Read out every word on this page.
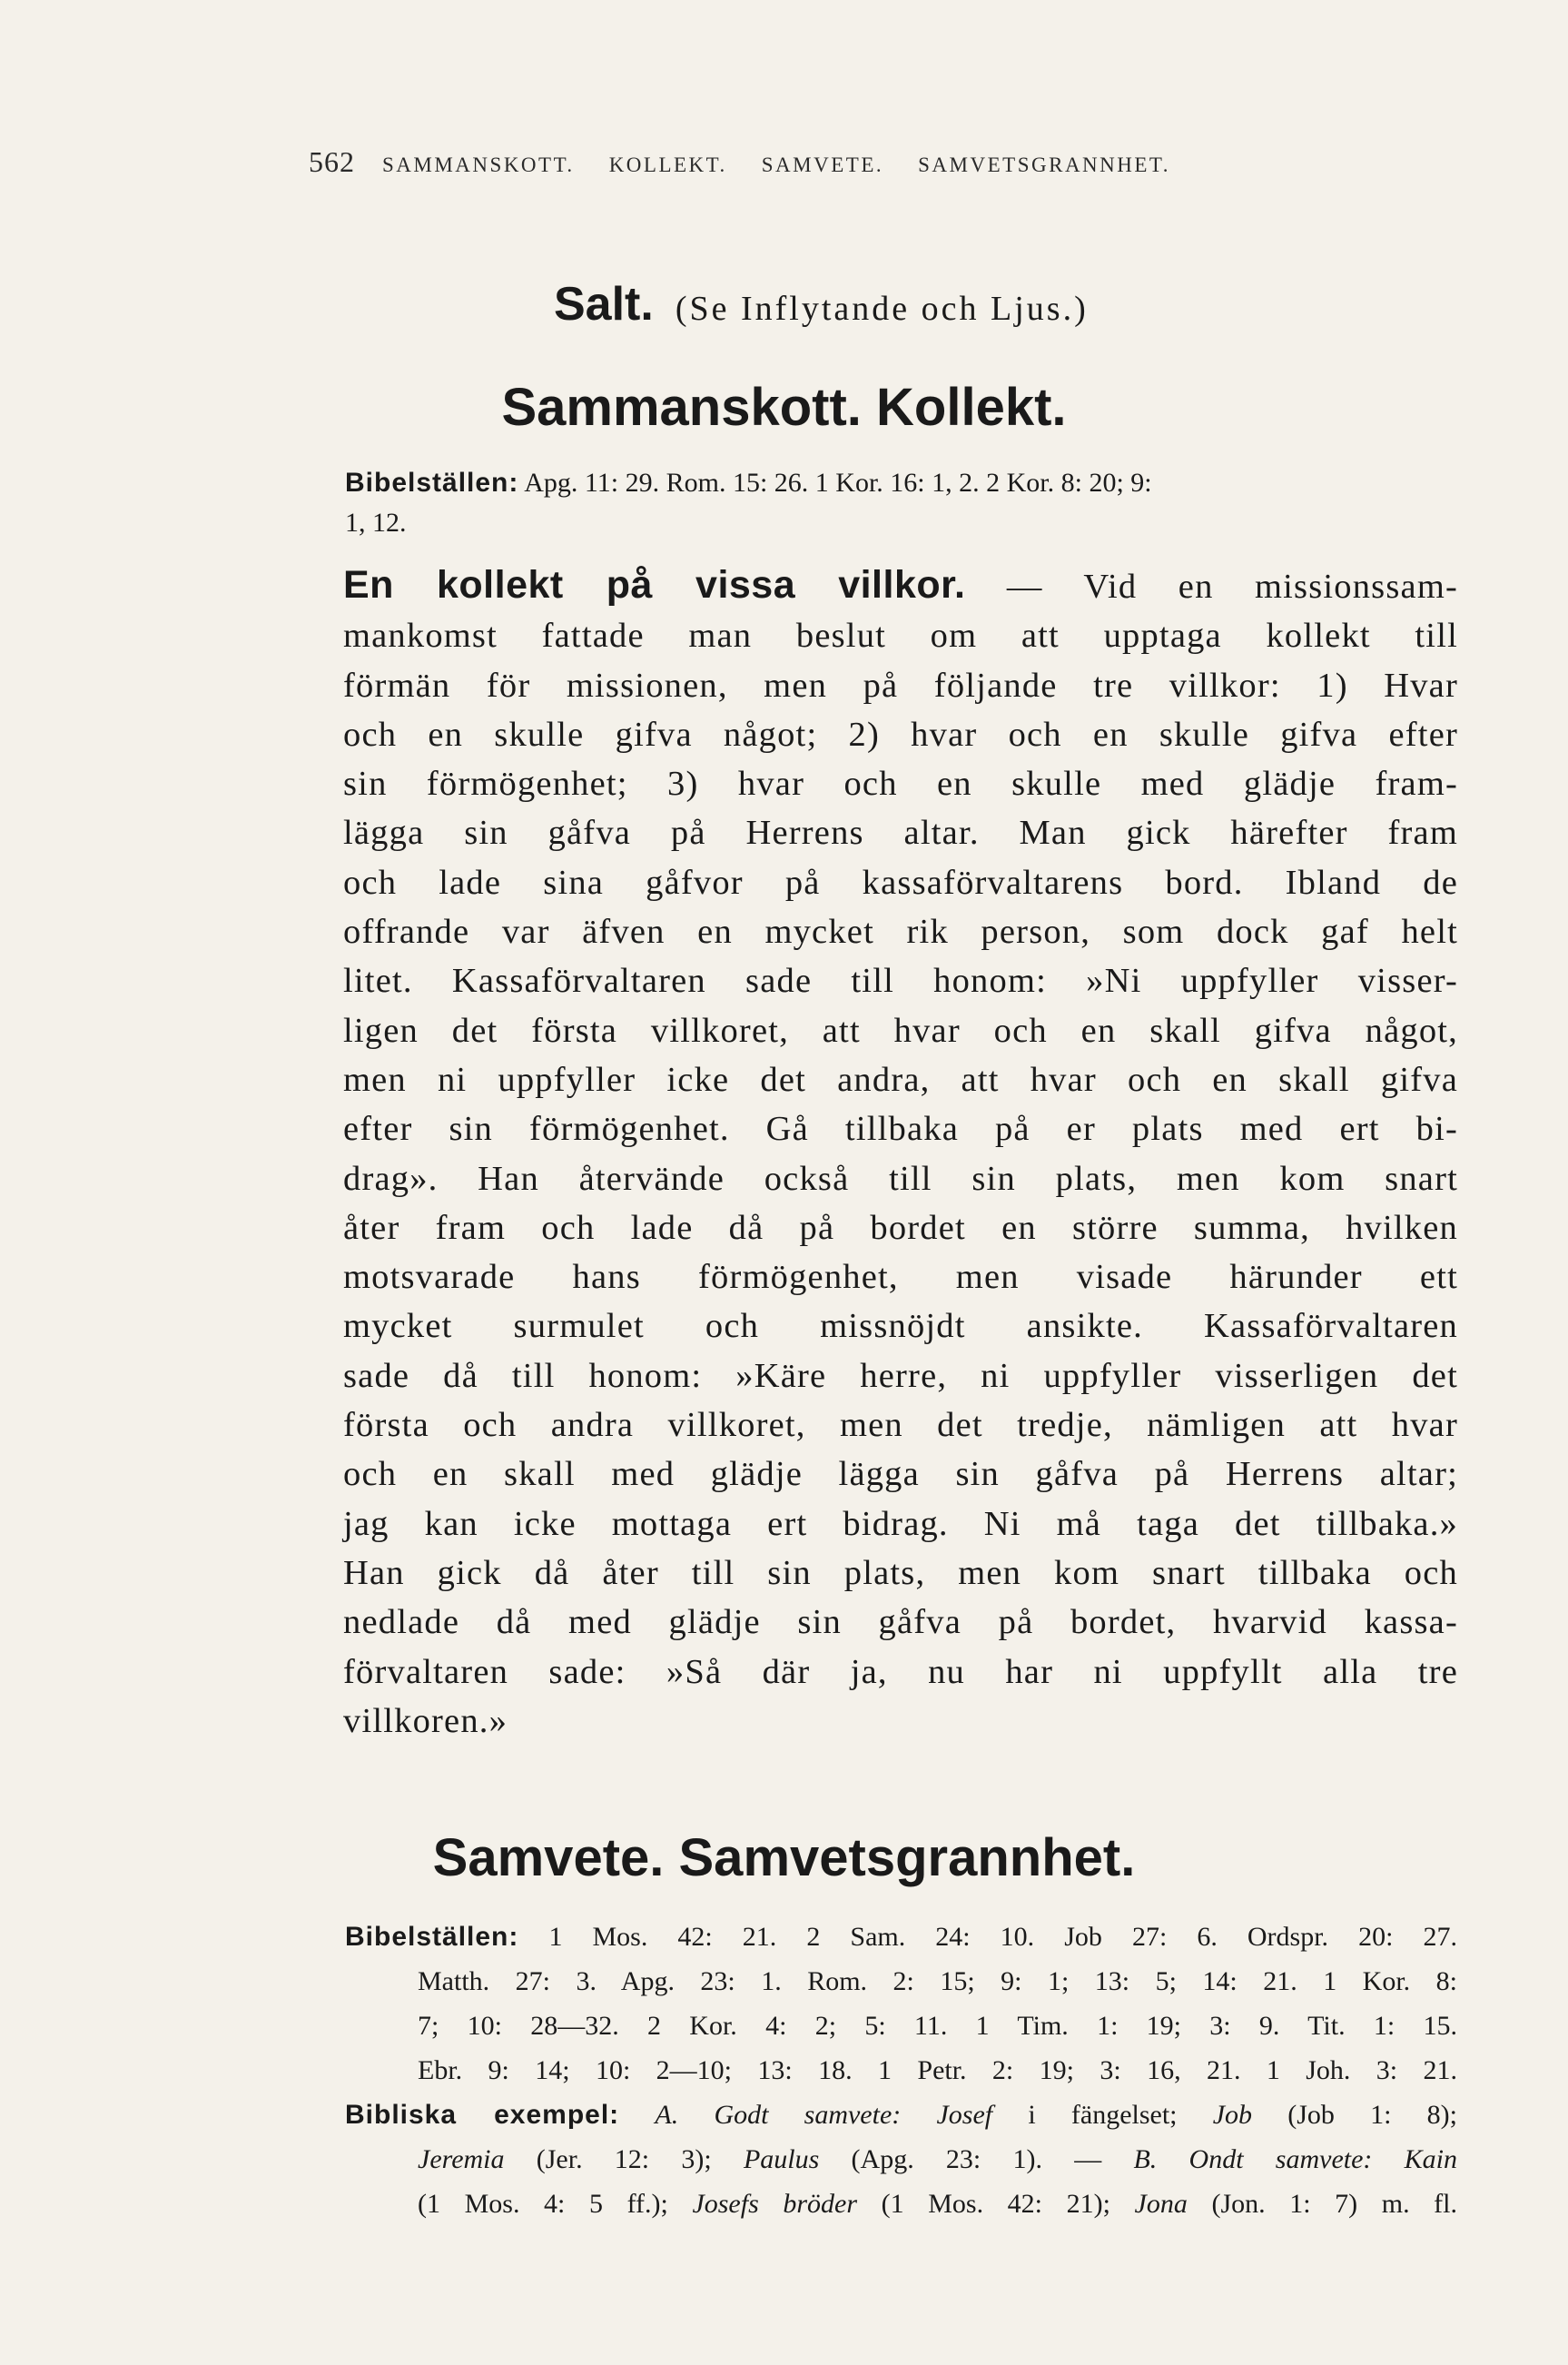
562 SAMMANSKOTT. KOLLEKT. SAMVETE. SAMVETSGRANNHET.
Salt. (Se Inflytande och Ljus.)
Sammanskott. Kollekt.
Bibelställen: Apg. 11: 29. Rom. 15: 26. 1 Kor. 16: 1, 2. 2 Kor. 8: 20; 9:
1, 12.
En kollekt på vissa villkor. — Vid en missionssam-
mankomst fattade man beslut om att upptaga kollekt till
förmän för missionen, men på följande tre villkor: 1) Hvar
och en skulle gifva något; 2) hvar och en skulle gifva efter
sin förmögenhet; 3) hvar och en skulle med glädje fram-
lägga sin gåfva på Herrens altar. Man gick härefter fram
och lade sina gåfvor på kassaförvaltarens bord. Ibland de
offrande var äfven en mycket rik person, som dock gaf helt
litet. Kassaförvaltaren sade till honom: »Ni uppfyller visser-
ligen det första villkoret, att hvar och en skall gifva något,
men ni uppfyller icke det andra, att hvar och en skall gifva
efter sin förmögenhet. Gå tillbaka på er plats med ert bi-
drag». Han återvände också till sin plats, men kom snart
åter fram och lade då på bordet en större summa, hvilken
motsvarade hans förmögenhet, men visade härunder ett
mycket surmulet och missnöjdt ansikte. Kassaförvaltaren
sade då till honom: »Käre herre, ni uppfyller visserligen det
första och andra villkoret, men det tredje, nämligen att hvar
och en skall med glädje lägga sin gåfva på Herrens altar;
jag kan icke mottaga ert bidrag. Ni må taga det tillbaka.»
Han gick då åter till sin plats, men kom snart tillbaka och
nedlade då med glädje sin gåfva på bordet, hvarvid kassa-
förvaltaren sade: »Så där ja, nu har ni uppfyllt alla tre
villkoren.»
Samvete. Samvetsgrannhet.
Bibelställen: 1 Mos. 42: 21. 2 Sam. 24: 10. Job 27: 6. Ordspr. 20: 27.
Matth. 27: 3. Apg. 23: 1. Rom. 2: 15; 9: 1; 13: 5; 14: 21. 1 Kor. 8:
7; 10: 28—32. 2 Kor. 4: 2; 5: 11. 1 Tim. 1: 19; 3: 9. Tit. 1: 15.
Ebr. 9: 14; 10: 2—10; 13: 18. 1 Petr. 2: 19; 3: 16, 21. 1 Joh. 3: 21.
Bibliska exempel: A. Godt samvete: Josef i fängelset; Job (Job 1: 8);
Jeremia (Jer. 12: 3); Paulus (Apg. 23: 1). — B. Ondt samvete: Kain
(1 Mos. 4: 5 ff.); Josefs bröder (1 Mos. 42: 21); Jona (Jon. 1: 7) m. fl.
